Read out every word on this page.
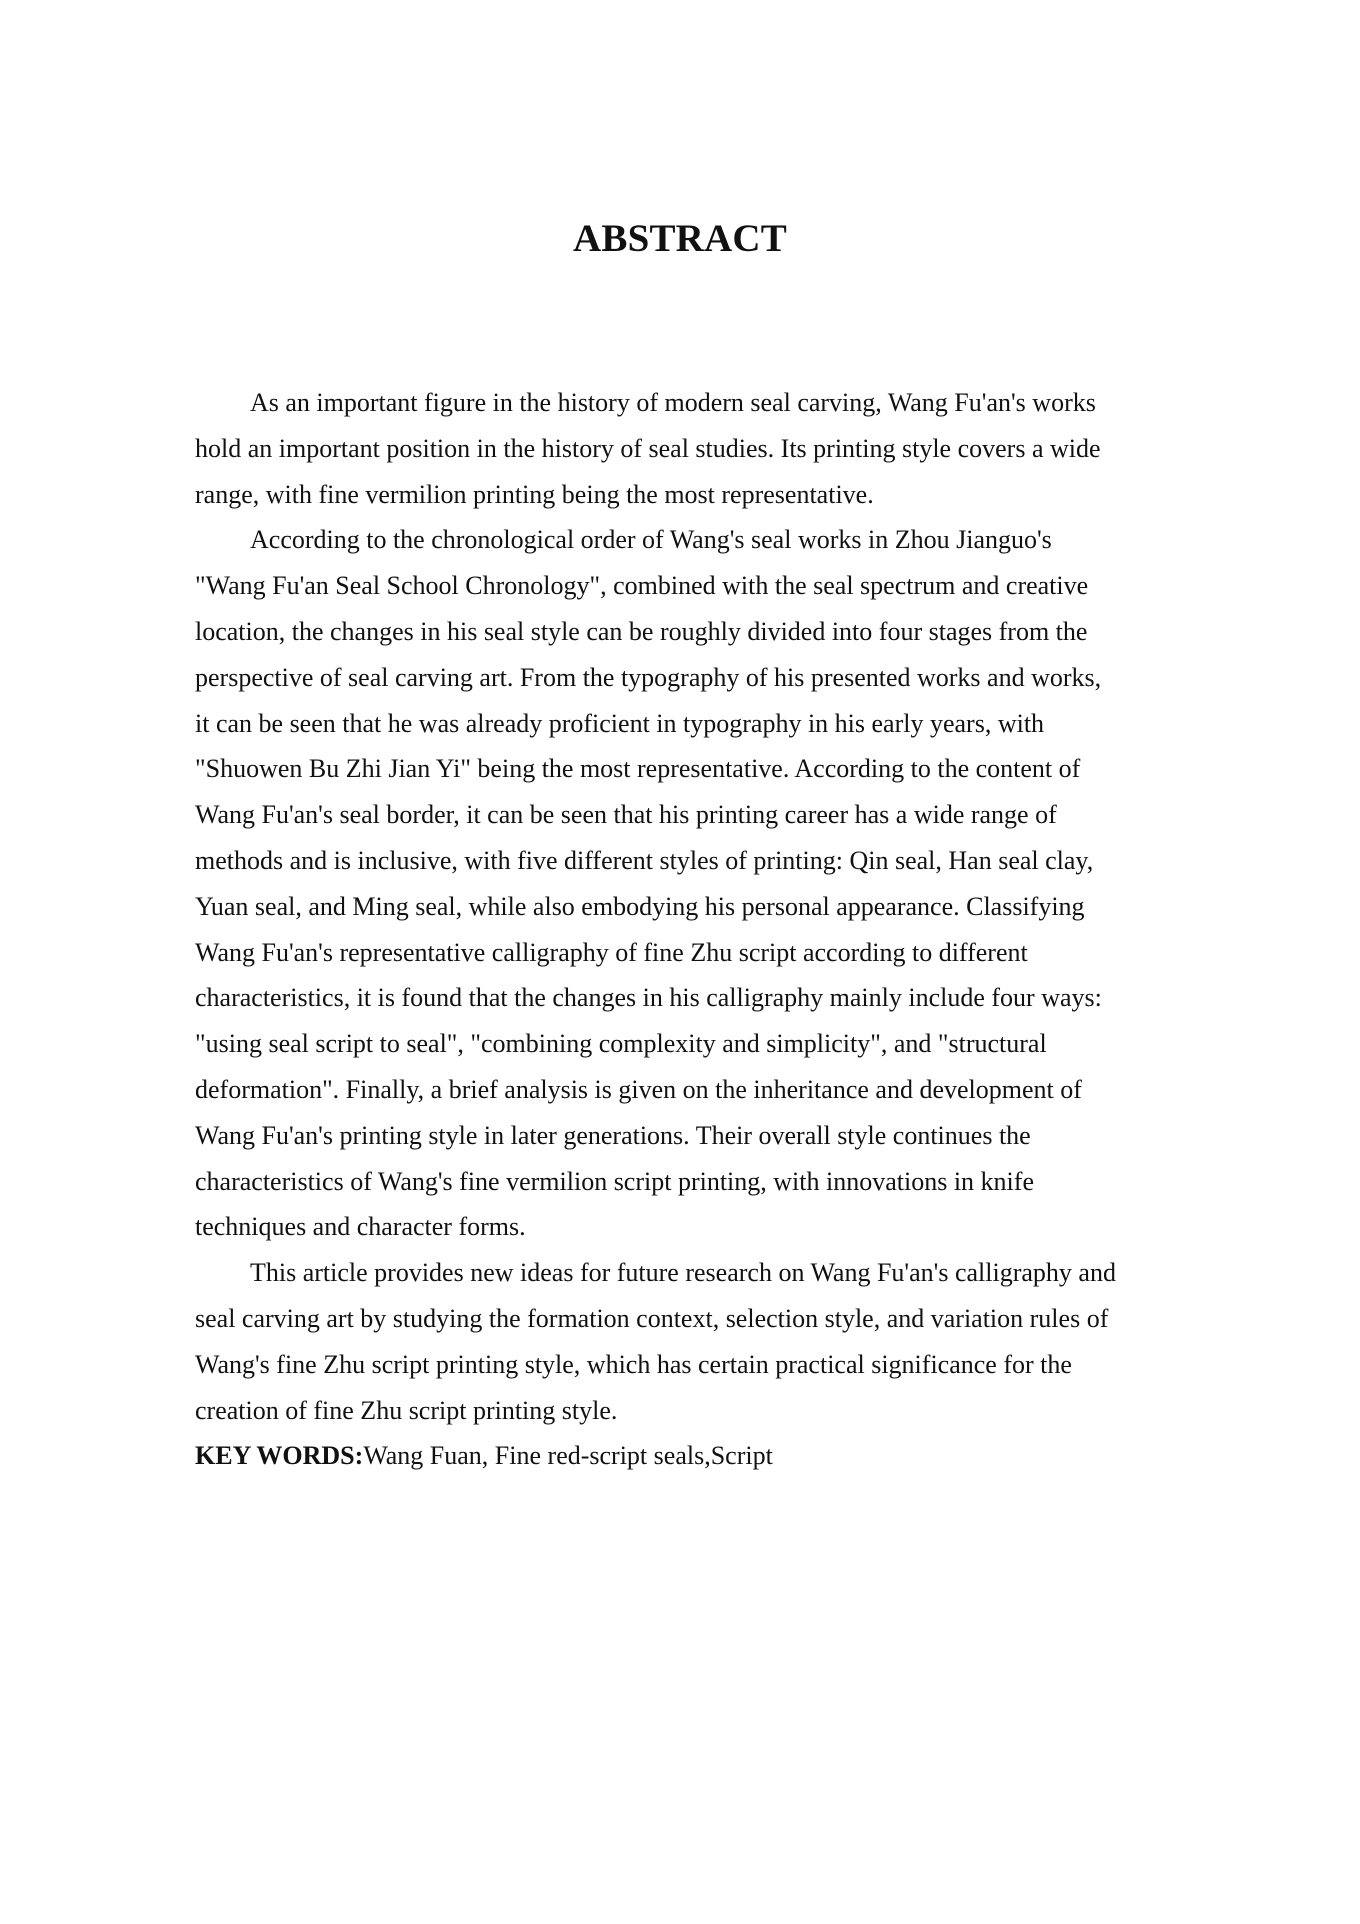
ABSTRACT

As an important figure in the history of modern seal carving, Wang Fu'an's works
hold an important position in the history of seal studies. Its printing style covers a wide
range, with fine vermilion printing being the most representative.

According to the chronological order of Wang's seal works in Zhou Jianguo's
"Wang Fu'an Seal School Chronology", combined with the seal spectrum and creative
location, the changes in his seal style can be roughly divided into four stages from the
perspective of seal carving art. From the typography of his presented works and works,
it can be seen that he was already proficient in typography in his early years, with
"Shuowen Bu Zhi Jian Yi" being the most representative. According to the content of
Wang Fu'an's seal border, it can be seen that his printing career has a wide range of
methods and is inclusive, with five different styles of printing: Qin seal, Han seal clay,
Yuan seal, and Ming seal, while also embodying his personal appearance. Classifying
Wang Fu'an's representative calligraphy of fine Zhu script according to different
characteristics, it is found that the changes in his calligraphy mainly include four ways:
"using seal script to seal", "combining complexity and simplicity", and "structural
deformation". Finally, a brief analysis is given on the inheritance and development of
Wang Fu'an's printing style in later generations. Their overall style continues the
characteristics of Wang's fine vermilion script printing, with innovations in knife
techniques and character forms.

This article provides new ideas for future research on Wang Fu'an's calligraphy and
seal carving art by studying the formation context, selection style, and variation rules of
Wang's fine Zhu script printing style, which has certain practical significance for the
creation of fine Zhu script printing style.

KEY WORDS:Wang Fuan, Fine red-script seals,Script
